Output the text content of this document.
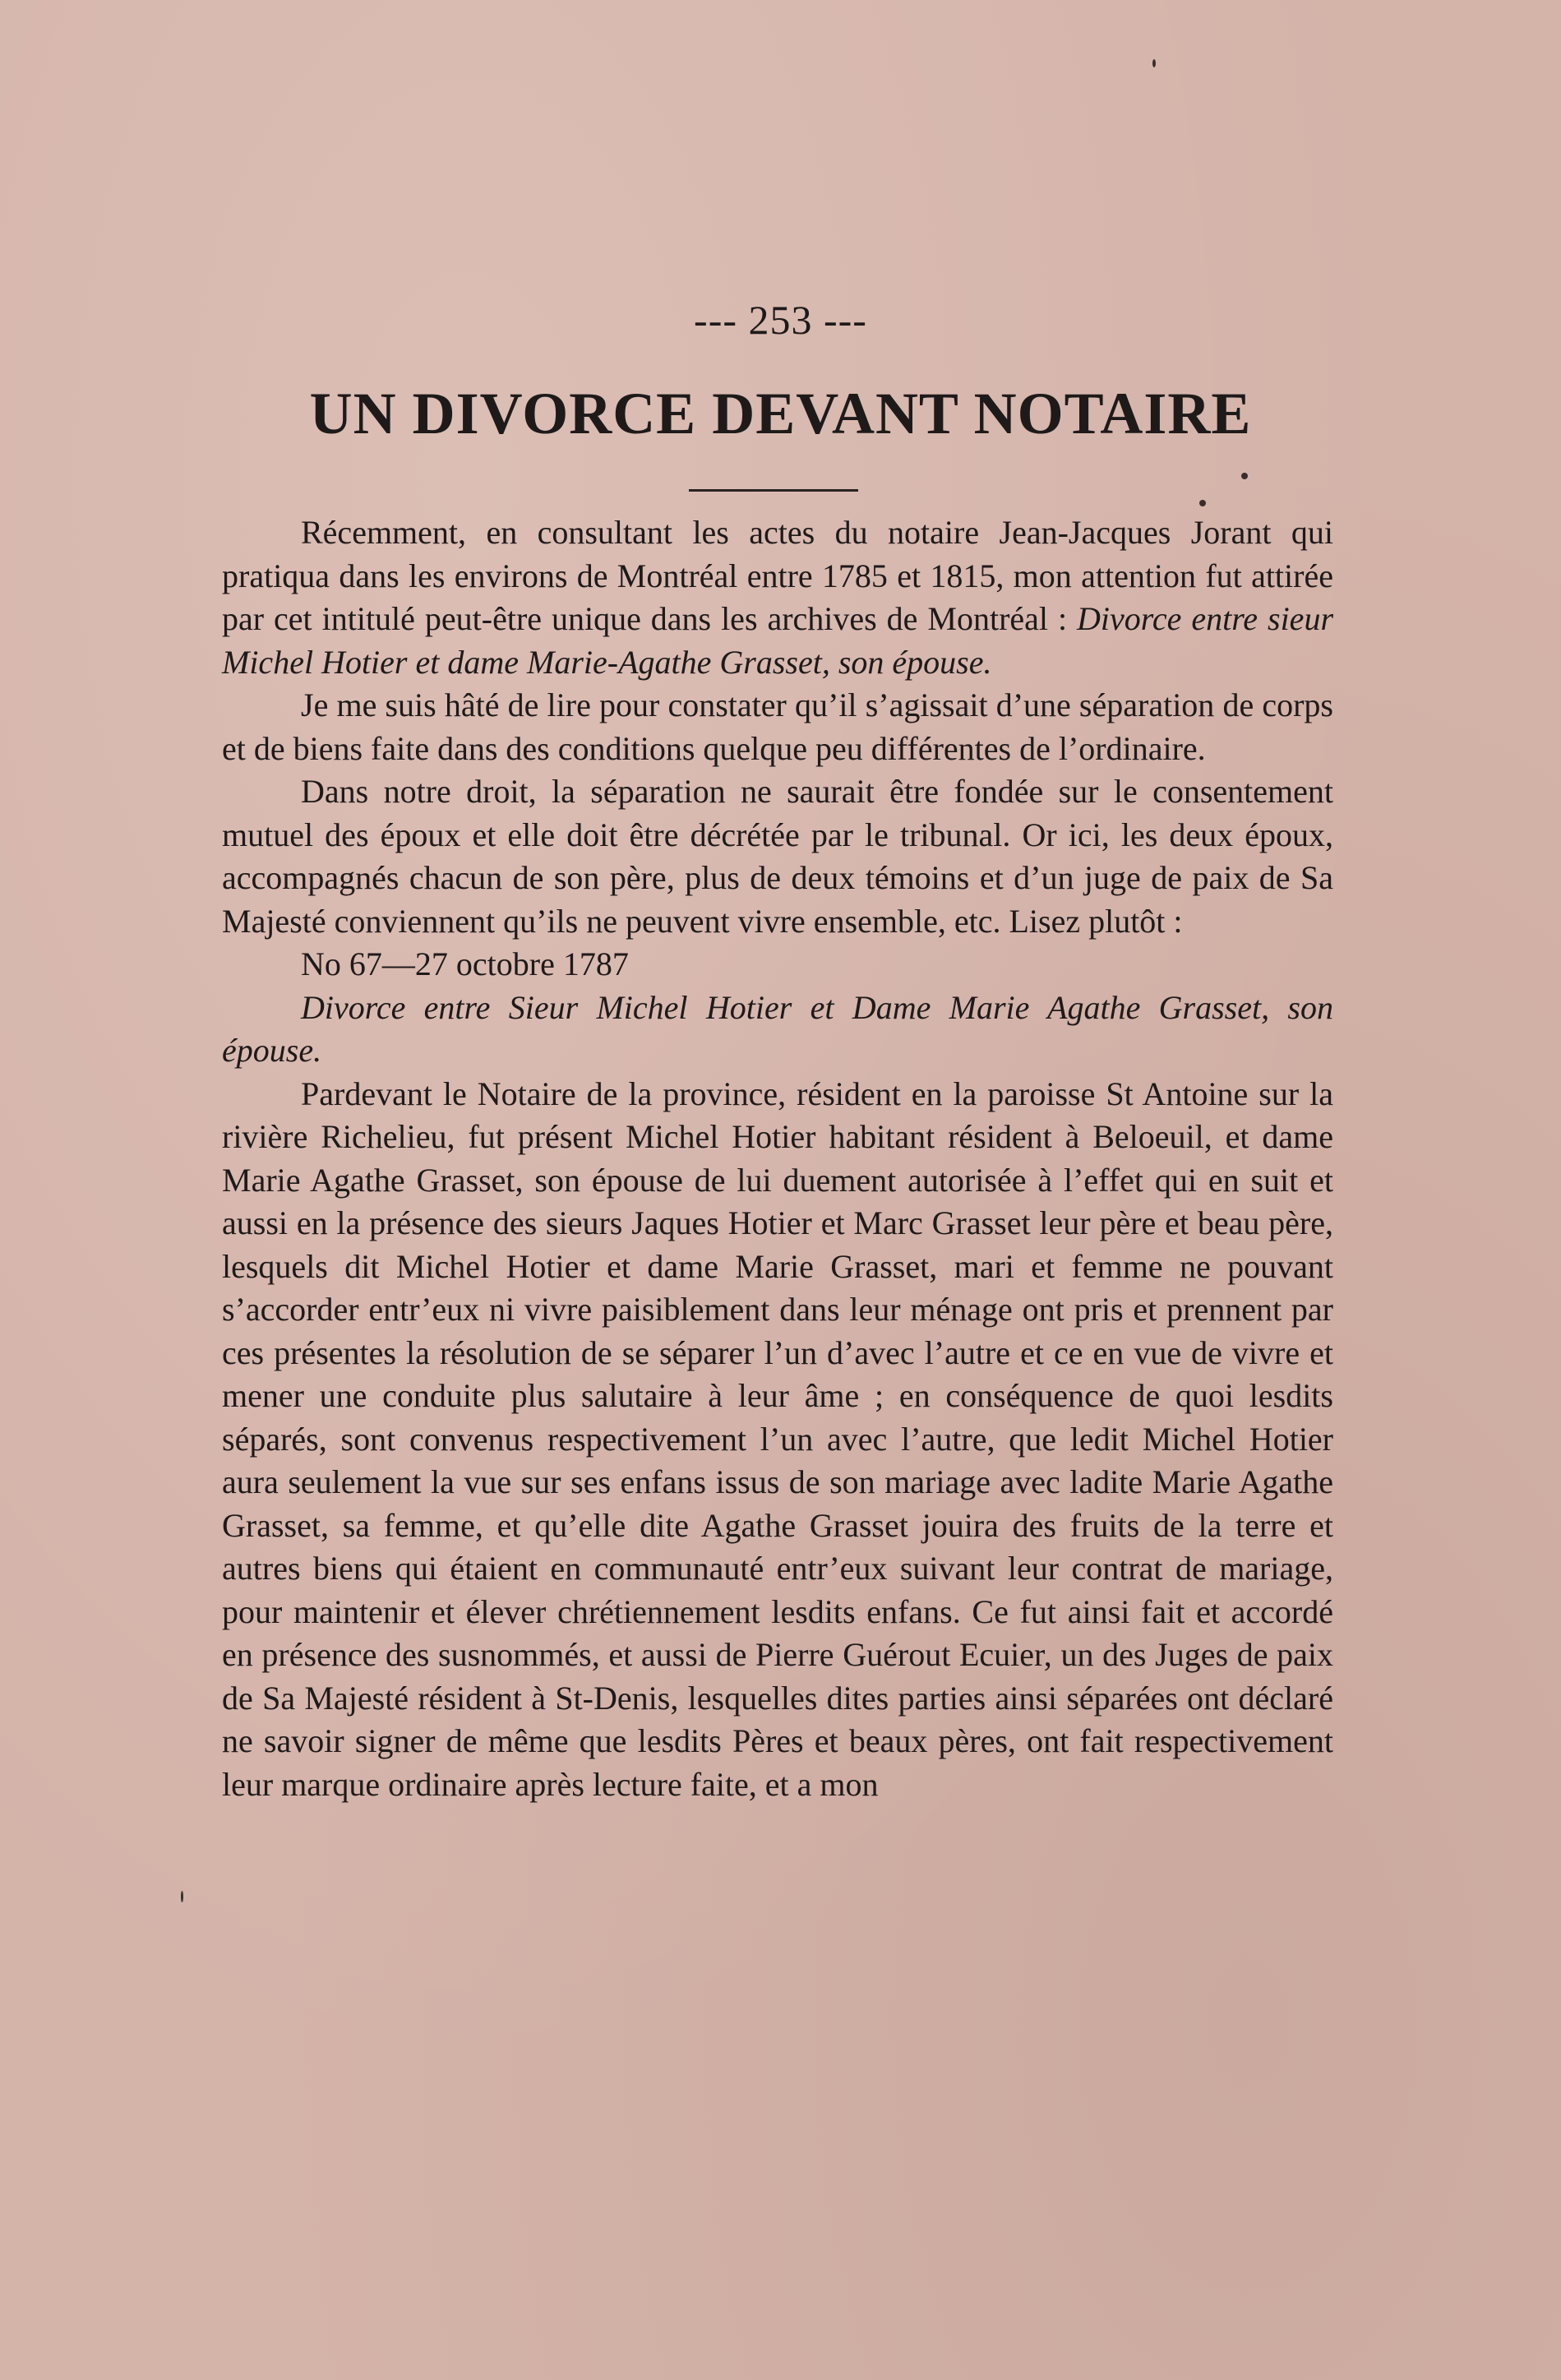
--- 253 ---
UN DIVORCE DEVANT NOTAIRE

Récemment, en consultant les actes du notaire Jean-Jacques Jorant qui pratiqua dans les environs de Montréal entre 1785 et 1815, mon attention fut attirée par cet intitulé peut-être unique dans les archives de Montréal : Divorce entre sieur Michel Hotier et dame Marie-Agathe Grasset, son épouse.

Je me suis hâté de lire pour constater qu’il s’agissait d’une séparation de corps et de biens faite dans des conditions quelque peu différentes de l’ordinaire.

Dans notre droit, la séparation ne saurait être fondée sur le consentement mutuel des époux et elle doit être décrétée par le tribunal. Or ici, les deux époux, accompagnés chacun de son père, plus de deux témoins et d’un juge de paix de Sa Majesté conviennent qu’ils ne peuvent vivre ensemble, etc. Lisez plutôt :

No 67—27 octobre 1787

Divorce entre Sieur Michel Hotier et Dame Marie Agathe Grasset, son épouse.

Pardevant le Notaire de la province, résident en la paroisse St Antoine sur la rivière Richelieu, fut présent Michel Hotier habitant résident à Beloeuil, et dame Marie Agathe Grasset, son épouse de lui duement autorisée à l’effet qui en suit et aussi en la présence des sieurs Jaques Hotier et Marc Grasset leur père et beau père, lesquels dit Michel Hotier et dame Marie Grasset, mari et femme ne pouvant s’accorder entr’eux ni vivre paisiblement dans leur ménage ont pris et prennent par ces présentes la résolution de se séparer l’un d’avec l’autre et ce en vue de vivre et mener une conduite plus salutaire à leur âme ; en conséquence de quoi lesdits séparés, sont convenus respectivement l’un avec l’autre, que ledit Michel Hotier aura seulement la vue sur ses enfans issus de son mariage avec ladite Marie Agathe Grasset, sa femme, et qu’elle dite Agathe Grasset jouira des fruits de la terre et autres biens qui étaient en communauté entr’eux suivant leur contrat de mariage, pour maintenir et élever chrétiennement lesdits enfans. Ce fut ainsi fait et accordé en présence des susnommés, et aussi de Pierre Guérout Ecuier, un des Juges de paix de Sa Majesté résident à St-Denis, lesquelles dites parties ainsi séparées ont déclaré ne savoir signer de même que lesdits Pères et beaux pères, ont fait respectivement leur marque ordinaire après lecture faite, et a mon
